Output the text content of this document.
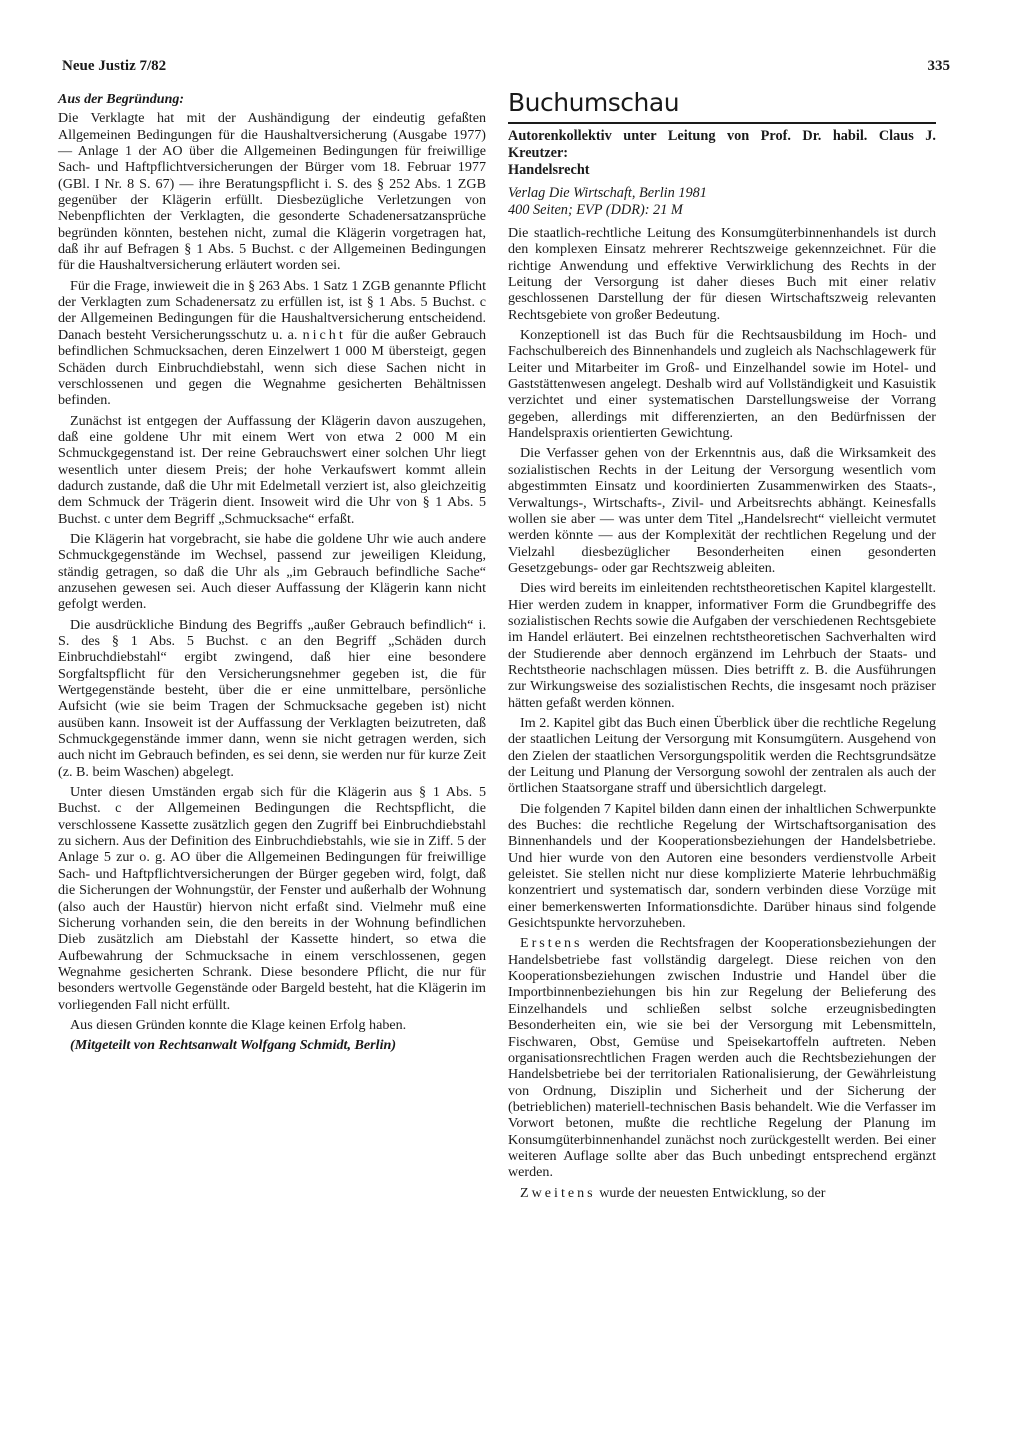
Neue Justiz 7/82	335
Aus der Begründung:

Die Verklagte hat mit der Aushändigung der eindeutig gefaßten Allgemeinen Bedingungen für die Haushaltversicherung (Ausgabe 1977) — Anlage 1 der AO über die Allgemeinen Bedingungen für freiwillige Sach- und Haftpflichtversicherungen der Bürger vom 18. Februar 1977 (GBl. I Nr. 8 S. 67) — ihre Beratungspflicht i. S. des § 252 Abs. 1 ZGB gegenüber der Klägerin erfüllt. Diesbezügliche Verletzungen von Nebenpflichten der Verklagten, die gesonderte Schadenersatzansprüche begründen könnten, bestehen nicht, zumal die Klägerin vorgetragen hat, daß ihr auf Befragen § 1 Abs. 5 Buchst. c der Allgemeinen Bedingungen für die Haushaltversicherung erläutert worden sei.

Für die Frage, inwieweit die in § 263 Abs. 1 Satz 1 ZGB genannte Pflicht der Verklagten zum Schadenersatz zu erfüllen ist, ist § 1 Abs. 5 Buchst. c der Allgemeinen Bedingungen für die Haushaltversicherung entscheidend. Danach besteht Versicherungsschutz u. a. nicht für die außer Gebrauch befindlichen Schmucksachen, deren Einzelwert 1 000 M übersteigt, gegen Schäden durch Einbruchdiebstahl, wenn sich diese Sachen nicht in verschlossenen und gegen die Wegnahme gesicherten Behältnissen befinden.

Zunächst ist entgegen der Auffassung der Klägerin davon auszugehen, daß eine goldene Uhr mit einem Wert von etwa 2 000 M ein Schmuckgegenstand ist. Der reine Gebrauchswert einer solchen Uhr liegt wesentlich unter diesem Preis; der hohe Verkaufswert kommt allein dadurch zustande, daß die Uhr mit Edelmetall verziert ist, also gleichzeitig dem Schmuck der Trägerin dient. Insoweit wird die Uhr von § 1 Abs. 5 Buchst. c unter dem Begriff „Schmucksache“ erfaßt.

Die Klägerin hat vorgebracht, sie habe die goldene Uhr wie auch andere Schmuckgegenstände im Wechsel, passend zur jeweiligen Kleidung, ständig getragen, so daß die Uhr als „im Gebrauch befindliche Sache“ anzusehen gewesen sei. Auch dieser Auffassung der Klägerin kann nicht gefolgt werden.

Die ausdrückliche Bindung des Begriffs „außer Gebrauch befindlich“ i. S. des § 1 Abs. 5 Buchst. c an den Begriff „Schäden durch Einbruchdiebstahl“ ergibt zwingend, daß hier eine besondere Sorgfaltspflicht für den Versicherungsnehmer gegeben ist, die für Wertgegenstände besteht, über die er eine unmittelbare, persönliche Aufsicht (wie sie beim Tragen der Schmucksache gegeben ist) nicht ausüben kann. Insoweit ist der Auffassung der Verklagten beizutreten, daß Schmuckgegenstände immer dann, wenn sie nicht getragen werden, sich auch nicht im Gebrauch befinden, es sei denn, sie werden nur für kurze Zeit (z. B. beim Waschen) abgelegt.

Unter diesen Umständen ergab sich für die Klägerin aus § 1 Abs. 5 Buchst. c der Allgemeinen Bedingungen die Rechtspflicht, die verschlossene Kassette zusätzlich gegen den Zugriff bei Einbruchdiebstahl zu sichern. Aus der Definition des Einbruchdiebstahls, wie sie in Ziff. 5 der Anlage 5 zur o. g. AO über die Allgemeinen Bedingungen für freiwillige Sach- und Haftpflichtversicherungen der Bürger gegeben wird, folgt, daß die Sicherungen der Wohnungstür, der Fenster und außerhalb der Wohnung (also auch der Haustür) hiervon nicht erfaßt sind. Vielmehr muß eine Sicherung vorhanden sein, die den bereits in der Wohnung befindlichen Dieb zusätzlich am Diebstahl der Kassette hindert, so etwa die Aufbewahrung der Schmucksache in einem verschlossenen, gegen Wegnahme gesicherten Schrank. Diese besondere Pflicht, die nur für besonders wertvolle Gegenstände oder Bargeld besteht, hat die Klägerin im vorliegenden Fall nicht erfüllt.

Aus diesen Gründen konnte die Klage keinen Erfolg haben.

(Mitgeteilt von Rechtsanwalt Wolfgang Schmidt, Berlin)

Buchumschau
Autorenkollektiv unter Leitung von Prof. Dr. habil. Claus J. Kreutzer:
Handelsrecht
Verlag Die Wirtschaft, Berlin 1981
400 Seiten; EVP (DDR): 21 M

Die staatlich-rechtliche Leitung des Konsumgüterbinnenhandels ist durch den komplexen Einsatz mehrerer Rechtszweige gekennzeichnet. Für die richtige Anwendung und effektive Verwirklichung des Rechts in der Leitung der Versorgung ist daher dieses Buch mit einer relativ geschlossenen Darstellung der für diesen Wirtschaftszweig relevanten Rechtsgebiete von großer Bedeutung.

Konzeptionell ist das Buch für die Rechtsausbildung im Hoch- und Fachschulbereich des Binnenhandels und zugleich als Nachschlagewerk für Leiter und Mitarbeiter im Groß- und Einzelhandel sowie im Hotel- und Gaststättenwesen angelegt. Deshalb wird auf Vollständigkeit und Kasuistik verzichtet und einer systematischen Darstellungsweise der Vorrang gegeben, allerdings mit differenzierten, an den Bedürfnissen der Handelspraxis orientierten Gewichtung.

Die Verfasser gehen von der Erkenntnis aus, daß die Wirksamkeit des sozialistischen Rechts in der Leitung der Versorgung wesentlich vom abgestimmten Einsatz und koordinierten Zusammenwirken des Staats-, Verwaltungs-, Wirtschafts-, Zivil- und Arbeitsrechts abhängt. Keinesfalls wollen sie aber — was unter dem Titel „Handelsrecht“ vielleicht vermutet werden könnte — aus der Komplexität der rechtlichen Regelung und der Vielzahl diesbezüglicher Besonderheiten einen gesonderten Gesetzgebungs- oder gar Rechtszweig ableiten.

Dies wird bereits im einleitenden rechtstheoretischen Kapitel klargestellt. Hier werden zudem in knapper, informativer Form die Grundbegriffe des sozialistischen Rechts sowie die Aufgaben der verschiedenen Rechtsgebiete im Handel erläutert. Bei einzelnen rechtstheoretischen Sachverhalten wird der Studierende aber dennoch ergänzend im Lehrbuch der Staats- und Rechtstheorie nachschlagen müssen. Dies betrifft z. B. die Ausführungen zur Wirkungsweise des sozialistischen Rechts, die insgesamt noch präziser hätten gefaßt werden können.

Im 2. Kapitel gibt das Buch einen Überblick über die rechtliche Regelung der staatlichen Leitung der Versorgung mit Konsumgütern. Ausgehend von den Zielen der staatlichen Versorgungspolitik werden die Rechtsgrundsätze der Leitung und Planung der Versorgung sowohl der zentralen als auch der örtlichen Staatsorgane straff und übersichtlich dargelegt.

Die folgenden 7 Kapitel bilden dann einen der inhaltlichen Schwerpunkte des Buches: die rechtliche Regelung der Wirtschaftsorganisation des Binnenhandels und der Kooperationsbeziehungen der Handelsbetriebe. Und hier wurde von den Autoren eine besonders verdienstvolle Arbeit geleistet. Sie stellen nicht nur diese komplizierte Materie lehrbuchmäßig konzentriert und systematisch dar, sondern verbinden diese Vorzüge mit einer bemerkenswerten Informationsdichte. Darüber hinaus sind folgende Gesichtspunkte hervorzuheben.

Erstens werden die Rechtsfragen der Kooperationsbeziehungen der Handelsbetriebe fast vollständig dargelegt. Diese reichen von den Kooperationsbeziehungen zwischen Industrie und Handel über die Importbinnenbeziehungen bis hin zur Regelung der Belieferung des Einzelhandels und schließen selbst solche erzeugnisbedingten Besonderheiten ein, wie sie bei der Versorgung mit Lebensmitteln, Fischwaren, Obst, Gemüse und Speisekartoffeln auftreten. Neben organisationsrechtlichen Fragen werden auch die Rechtsbeziehungen der Handelsbetriebe bei der territorialen Rationalisierung, der Gewährleistung von Ordnung, Disziplin und Sicherheit und der Sicherung der (betrieblichen) materiell-technischen Basis behandelt. Wie die Verfasser im Vorwort betonen, mußte die rechtliche Regelung der Planung im Konsumgüterbinnenhandel zunächst noch zurückgestellt werden. Bei einer weiteren Auflage sollte aber das Buch unbedingt entsprechend ergänzt werden.

Zweitens wurde der neuesten Entwicklung, so der
